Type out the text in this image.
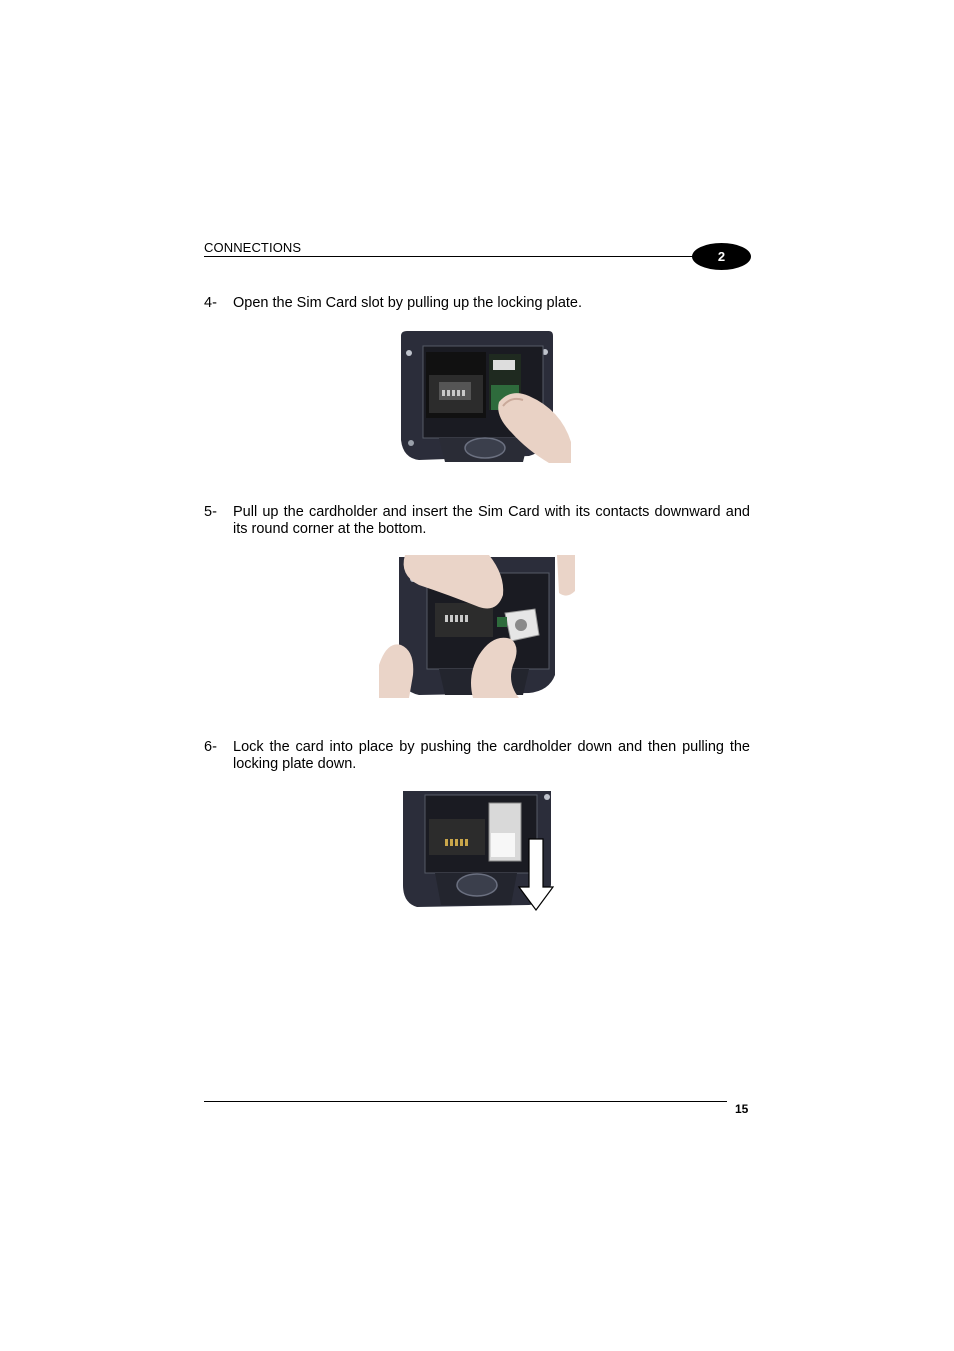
CONNECTIONS
2
4-	Open the Sim Card slot by pulling up the locking plate.
5-	Pull up the cardholder and insert the Sim Card with its contacts downward and its round corner at the bottom.
6-	Lock the card into place by pushing the cardholder down and then pulling the locking plate down.
15
